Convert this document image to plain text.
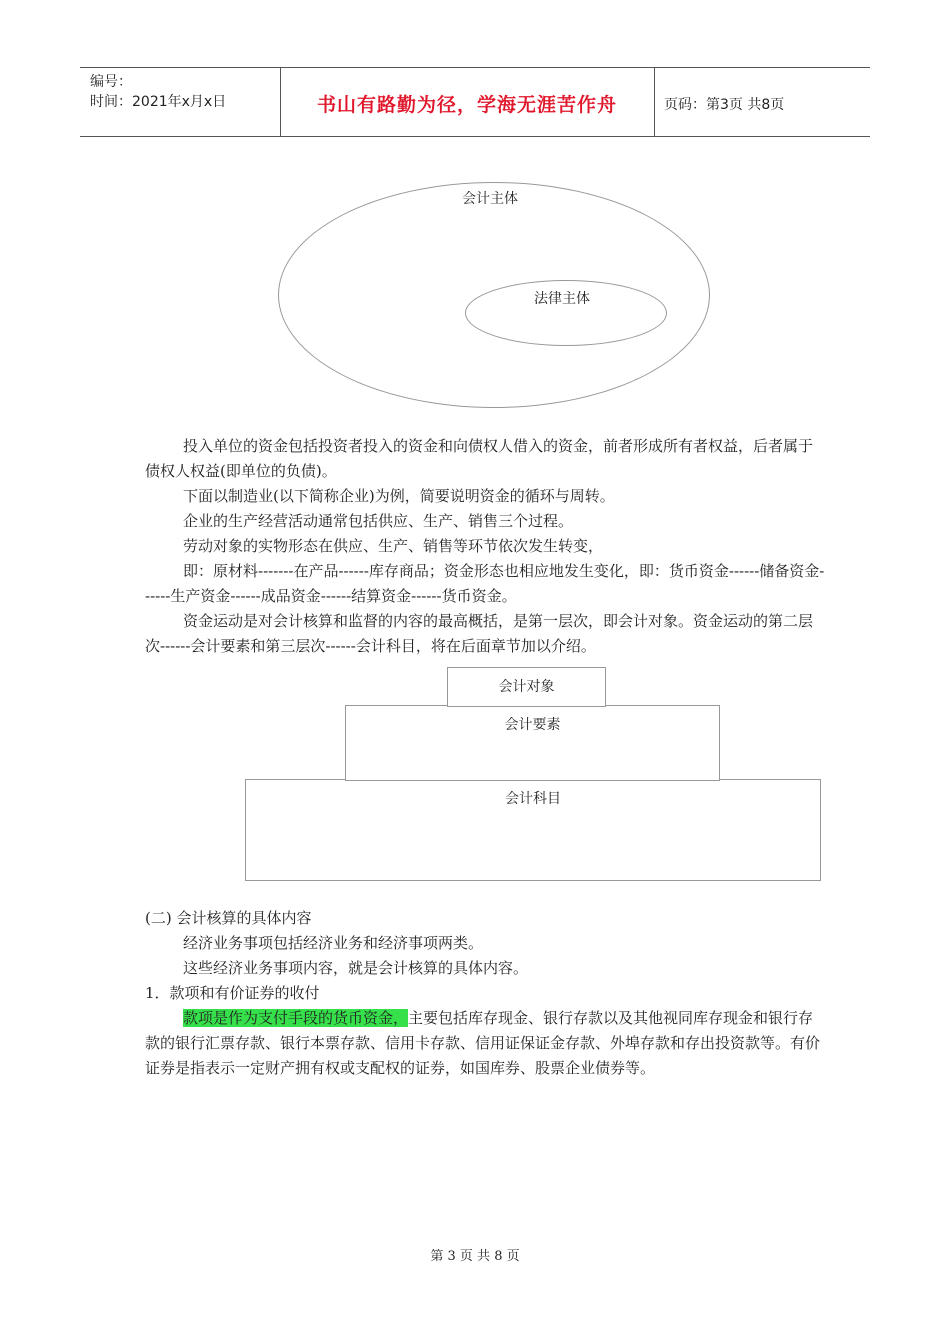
编号：
时间：2021年x月x日	书山有路勤为径，学海无涯苦作舟	页码：第3页 共8页
会计主体
法律主体

投入单位的资金包括投资者投入的资金和向债权人借入的资金，前者形成所有者权益，后者属于债权人权益(即单位的负债)。

下面以制造业(以下简称企业)为例，简要说明资金的循环与周转。

企业的生产经营活动通常包括供应、生产、销售三个过程。

劳动对象的实物形态在供应、生产、销售等环节依次发生转变，

即：原材料-------在产品------库存商品；资金形态也相应地发生变化，即：货币资金------储备资金------生产资金------成品资金------结算资金------货币资金。

资金运动是对会计核算和监督的内容的最高概括，是第一层次，即会计对象。资金运动的第二层次------会计要素和第三层次------会计科目，将在后面章节加以介绍。

会计科目
会计要素
会计对象

(二) 会计核算的具体内容

经济业务事项包括经济业务和经济事项两类。

这些经济业务事项内容，就是会计核算的具体内容。

1．款项和有价证券的收付

款项是作为支付手段的货币资金，主要包括库存现金、银行存款以及其他视同库存现金和银行存款的银行汇票存款、银行本票存款、信用卡存款、信用证保证金存款、外埠存款和存出投资款等。有价证券是指表示一定财产拥有权或支配权的证券，如国库券、股票企业债券等。

第 3 页 共 8 页
